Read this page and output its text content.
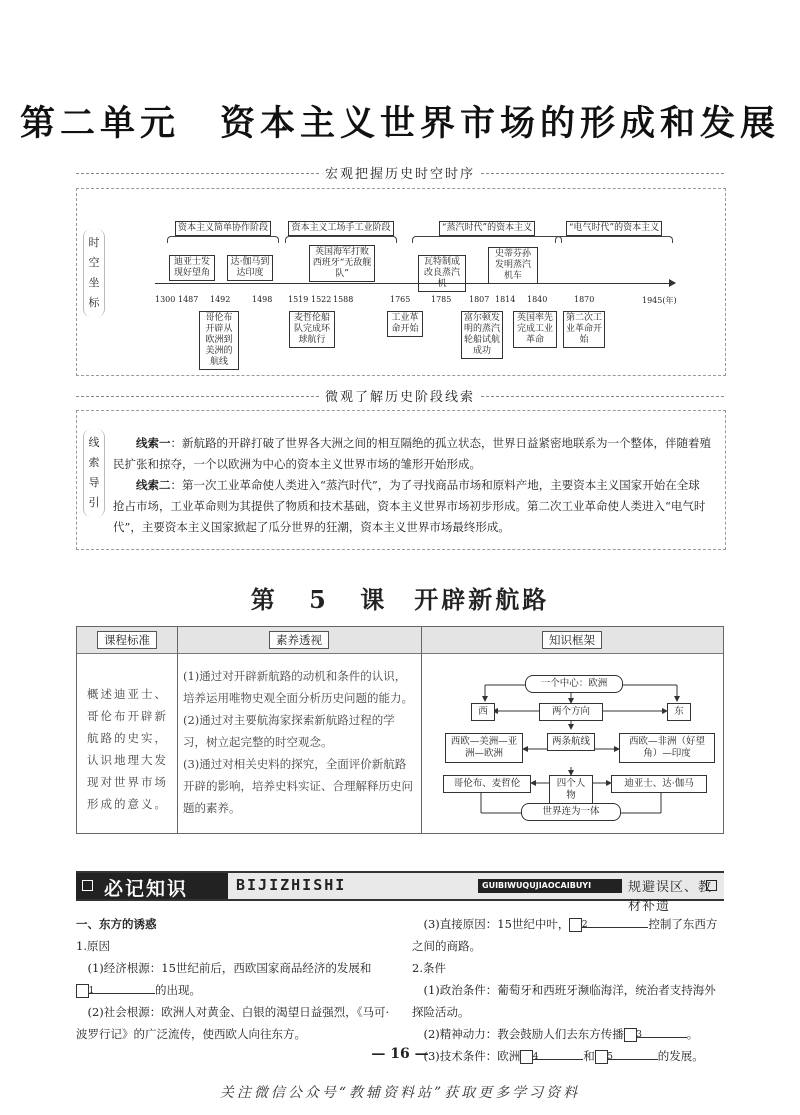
第二单元　资本主义世界市场的形成和发展
宏观把握历史时空时序
时
空
坐
标
资本主义简单协作阶段	资本主义工场手工业阶段	“蒸汽时代”的资本主义	“电气时代”的资本主义
迪亚士发现好望角
达·伽马到达印度
英国海军打败西班牙“无敌舰队”
瓦特制成改良蒸汽机
史蒂芬孙发明蒸汽机车
1300 1487 1492	1498 1519 1522 1588	1765	1785 1807 1814 1840	1870	1945(年)
哥伦布开辟从欧洲到美洲的航线
麦哲伦船队完成环球航行
工业革命开始
富尔顿发明的蒸汽轮船试航成功
英国率先完成工业革命
第二次工业革命开始
微观了解历史阶段线索
线
索
导
引
线索一：新航路的开辟打破了世界各大洲之间的相互隔绝的孤立状态，世界日益紧密地联系为一个整体，伴随着殖民扩张和掠夺，一个以欧洲为中心的资本主义世界市场的雏形开始形成。
线索二：第一次工业革命使人类进入“蒸汽时代”，为了寻找商品市场和原料产地，主要资本主义国家开始在全球抢占市场，工业革命则为其提供了物质和技术基础，资本主义世界市场初步形成。第二次工业革命使人类进入“电气时代”，主要资本主义国家掀起了瓜分世界的狂潮，资本主义世界市场最终形成。
第 5 课　开辟新航路
课程标准	素养透视	知识框架
概述迪亚士、哥伦布开辟新航路的史实，认识地理大发现对世界市场形成的意义。
(1)通过对开辟新航路的动机和条件的认识，培养运用唯物史观全面分析历史问题的能力。
(2)通过对主要航海家探索新航路过程的学习，树立起完整的时空观念。
(3)通过对相关史料的探究，全面评价新航路开辟的影响，培养史料实证、合理解释历史问题的素养。
一个中心：欧洲
西	两个方向	东
西欧—美洲—亚洲—欧洲
两条航线	西欧—非洲（好望角）—印度
哥伦布、麦哲伦	四个人物
迪亚士、达·伽马
世界连为一体
必记知识	BIJIZHISHI	GUIBIWUQUJIAOCAIBUYI	规避误区、教材补遗
一、东方的诱惑
1.原因
(1)经济根源：15世纪前后，西欧国家商品经济的发展和
1	的出现。
(2)社会根源：欧洲人对黄金、白银的渴望日益强烈，《马可·波罗行记》的广泛流传，使西欧人向往东方。
(3)直接原因：15世纪中叶， 2	控制了东西方之间的商路。
2.条件
(1)政治条件：葡萄牙和西班牙濒临海洋，统治者支持海外探险活动。
(2)精神动力：教会鼓励人们去东方传播 3	。
(3)技术条件：欧洲 4	和 5	的发展。
— 16 —
关注微信公众号“教辅资料站”获取更多学习资料
